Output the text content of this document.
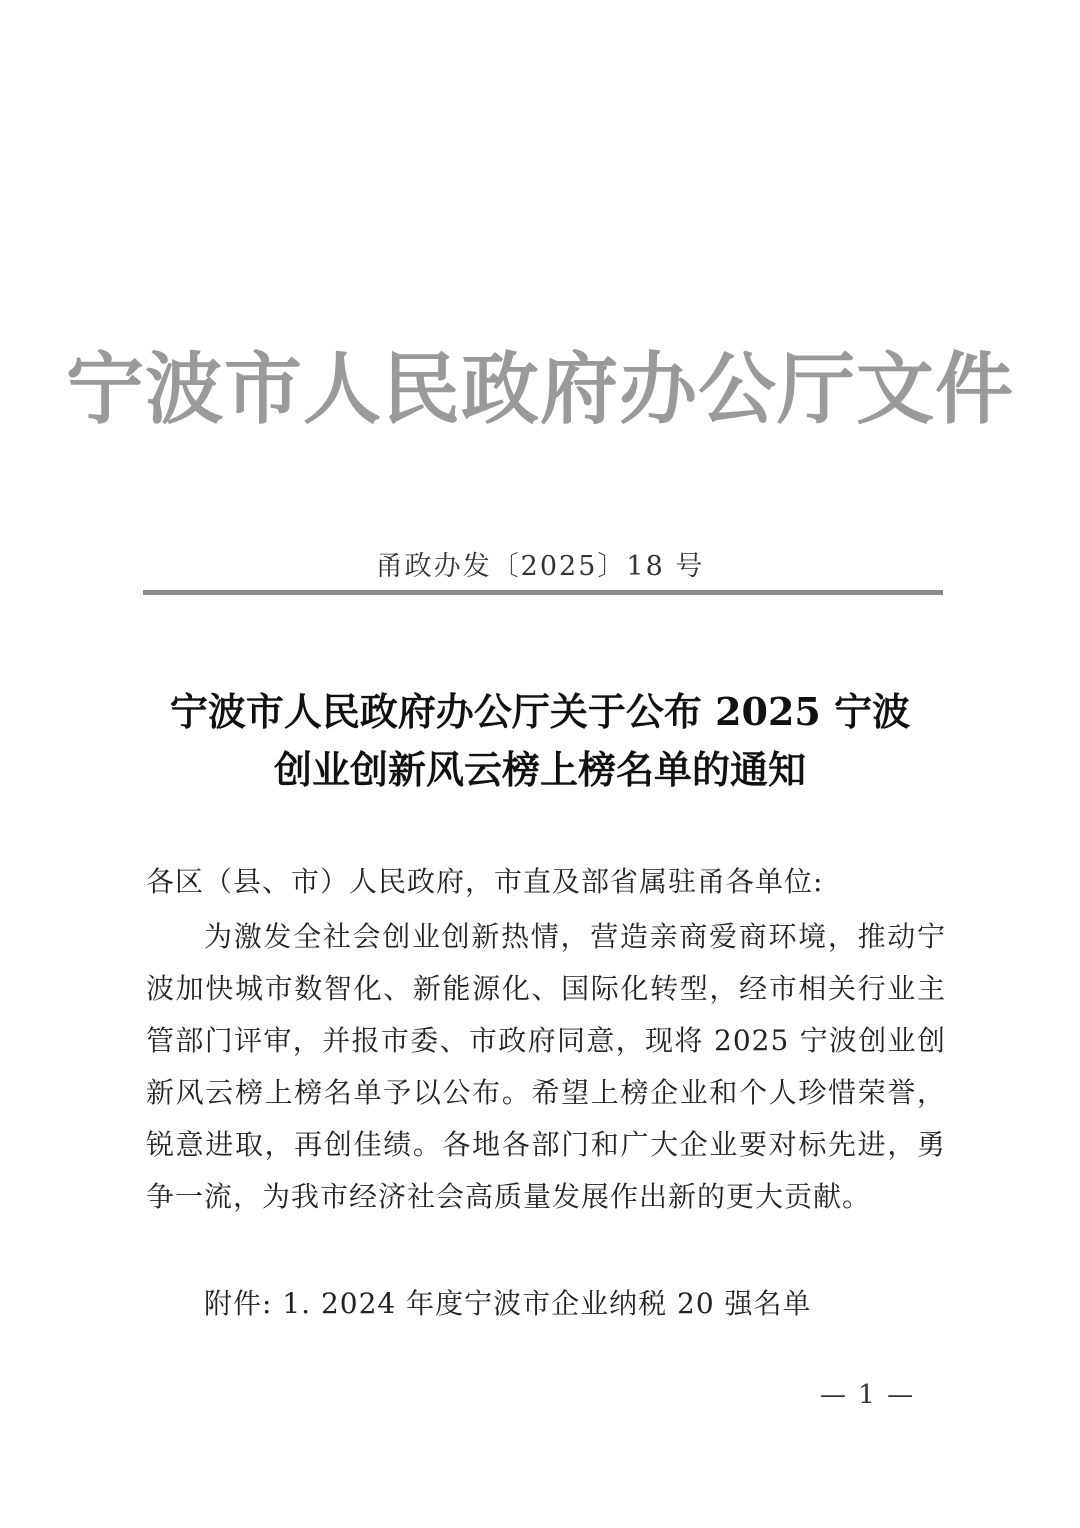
宁波市人民政府办公厅文件
甬政办发〔2025〕18 号
宁波市人民政府办公厅关于公布 2025 宁波
创业创新风云榜上榜名单的通知
各区（县、市）人民政府，市直及部省属驻甬各单位:
为激发全社会创业创新热情，营造亲商爱商环境，推动宁波加快城市数智化、新能源化、国际化转型，经市相关行业主管部门评审，并报市委、市政府同意，现将 2025 宁波创业创新风云榜上榜名单予以公布。希望上榜企业和个人珍惜荣誉，锐意进取，再创佳绩。各地各部门和广大企业要对标先进，勇争一流，为我市经济社会高质量发展作出新的更大贡献。
附件: 1. 2024 年度宁波市企业纳税 20 强名单
— 1 —
